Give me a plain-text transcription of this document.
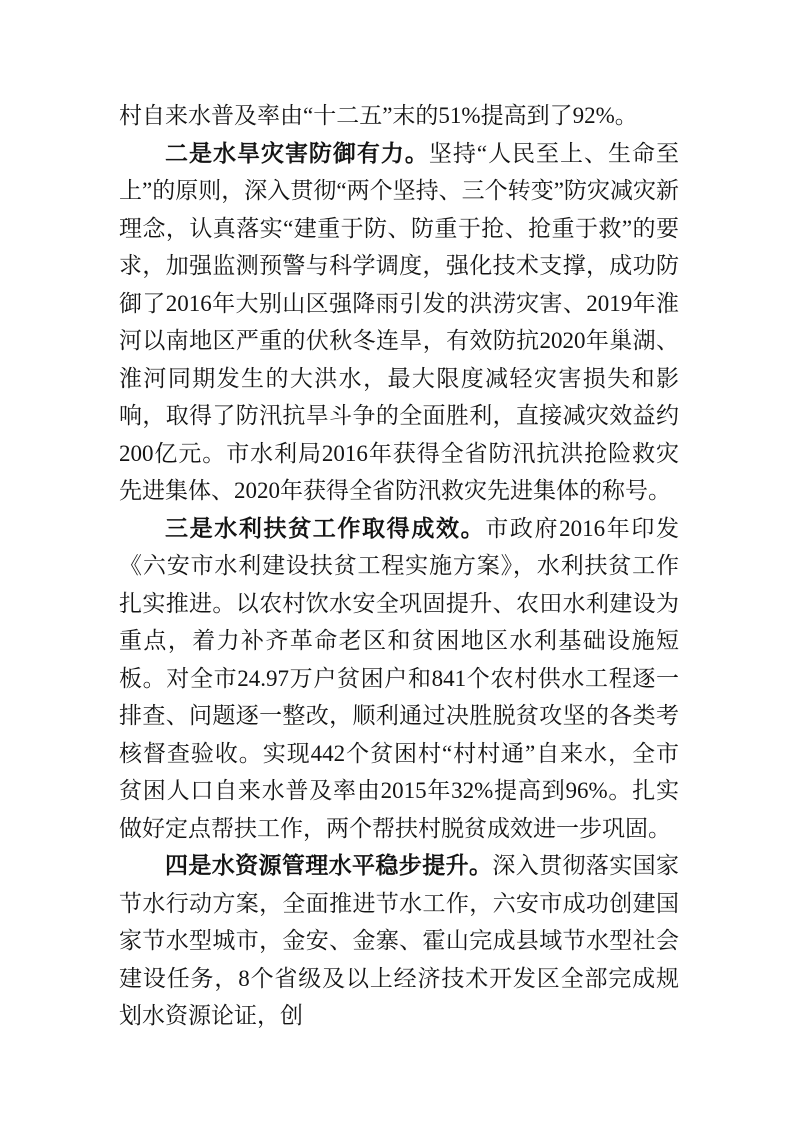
村自来水普及率由“十二五”末的51%提高到了92%。

二是水旱灾害防御有力。坚持“人民至上、生命至上”的原则，深入贯彻“两个坚持、三个转变”防灾减灾新理念，认真落实“建重于防、防重于抢、抢重于救”的要求，加强监测预警与科学调度，强化技术支撑，成功防御了2016年大别山区强降雨引发的洪涝灾害、2019年淮河以南地区严重的伏秋冬连旱，有效防抗2020年巢湖、淮河同期发生的大洪水，最大限度减轻灾害损失和影响，取得了防汛抗旱斗争的全面胜利，直接减灾效益约200亿元。市水利局2016年获得全省防汛抗洪抢险救灾先进集体、2020年获得全省防汛救灾先进集体的称号。

三是水利扶贫工作取得成效。市政府2016年印发《六安市水利建设扶贫工程实施方案》，水利扶贫工作扎实推进。以农村饮水安全巩固提升、农田水利建设为重点，着力补齐革命老区和贫困地区水利基础设施短板。对全市24.97万户贫困户和841个农村供水工程逐一排查、问题逐一整改，顺利通过决胜脱贫攻坚的各类考核督查验收。实现442个贫困村“村村通”自来水，全市贫困人口自来水普及率由2015年32%提高到96%。扎实做好定点帮扶工作，两个帮扶村脱贫成效进一步巩固。

四是水资源管理水平稳步提升。深入贯彻落实国家节水行动方案，全面推进节水工作，六安市成功创建国家节水型城市，金安、金寨、霍山完成县域节水型社会建设任务，8个省级及以上经济技术开发区全部完成规划水资源论证，创
